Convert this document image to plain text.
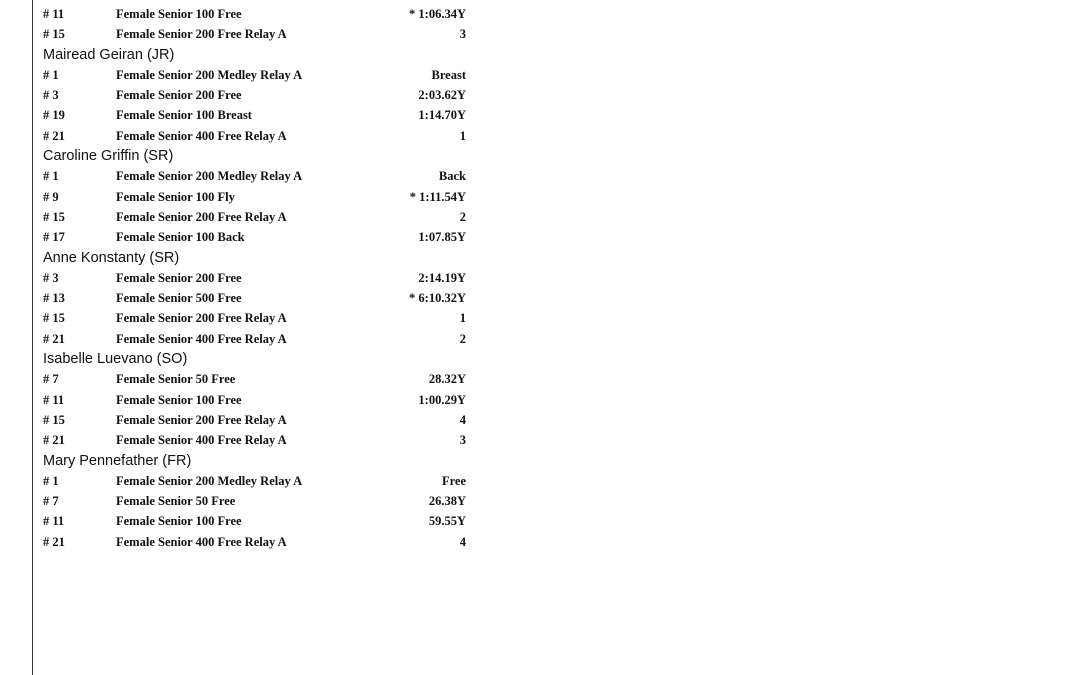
# 11	Female Senior 100 Free	* 1:06.34Y
# 15	Female Senior 200 Free Relay A	3
Mairead Geiran (JR)
# 1	Female Senior 200 Medley Relay A	Breast
# 3	Female Senior 200 Free	2:03.62Y
# 19	Female Senior 100 Breast	1:14.70Y
# 21	Female Senior 400 Free Relay A	1
Caroline Griffin (SR)
# 1	Female Senior 200 Medley Relay A	Back
# 9	Female Senior 100 Fly	* 1:11.54Y
# 15	Female Senior 200 Free Relay A	2
# 17	Female Senior 100 Back	1:07.85Y
Anne Konstanty (SR)
# 3	Female Senior 200 Free	2:14.19Y
# 13	Female Senior 500 Free	* 6:10.32Y
# 15	Female Senior 200 Free Relay A	1
# 21	Female Senior 400 Free Relay A	2
Isabelle Luevano (SO)
# 7	Female Senior 50 Free	28.32Y
# 11	Female Senior 100 Free	1:00.29Y
# 15	Female Senior 200 Free Relay A	4
# 21	Female Senior 400 Free Relay A	3
Mary Pennefather (FR)
# 1	Female Senior 200 Medley Relay A	Free
# 7	Female Senior 50 Free	26.38Y
# 11	Female Senior 100 Free	59.55Y
# 21	Female Senior 400 Free Relay A	4
